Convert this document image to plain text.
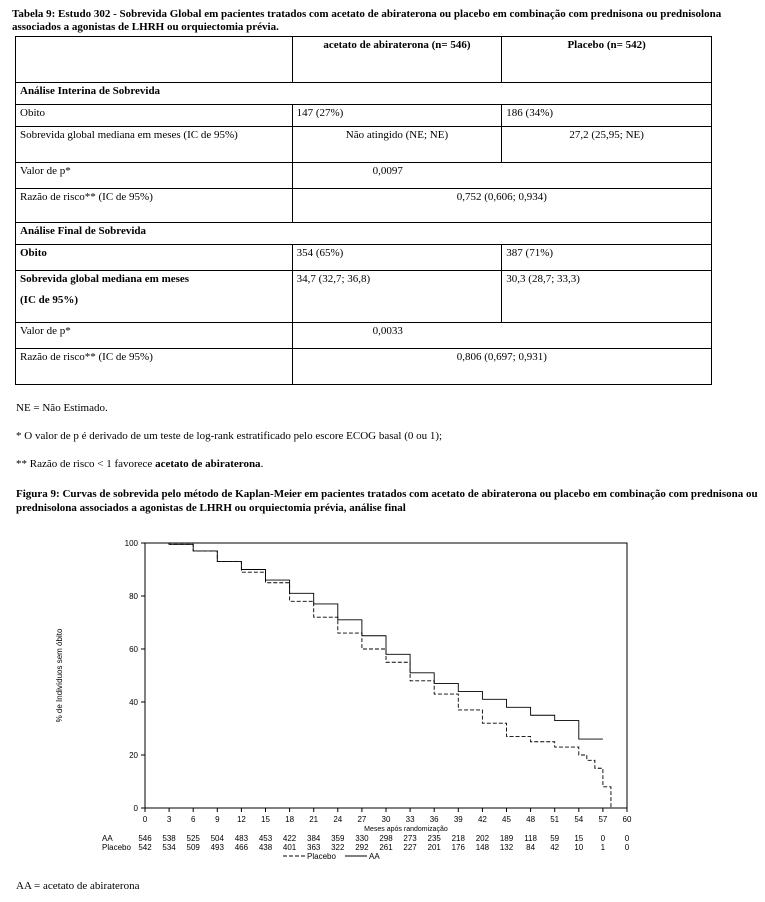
Tabela 9: Estudo 302 - Sobrevida Global em pacientes tratados com acetato de abiraterona ou placebo em combinação com prednisona ou prednisolona associados a agonistas de LHRH ou orquiectomia prévia.
	acetato de abiraterona (n= 546)	Placebo (n= 542)
Análise Interina de Sobrevida		
Obito	147 (27%)	186 (34%)
Sobrevida global mediana em meses (IC de 95%)	Não atingido (NE; NE)	27,2 (25,95; NE)
Valor de p*	0,0097	
Razão de risco** (IC de 95%)	0,752 (0,606; 0,934)	
Análise Final de Sobrevida		
Obito	354 (65%)	387 (71%)

Sobrevida global mediana em meses
(IC de 95%)	34,7 (32,7; 36,8)	30,3 (28,7; 33,3)
Valor de p*	0,0033	
Razão de risco** (IC de 95%)	0,806 (0,697; 0,931)	
NE = Não Estimado.
* O valor de p é derivado de um teste de log-rank estratificado pelo escore ECOG basal (0 ou 1);
** Razão de risco < 1 favorece acetato de abiraterona.
Figura 9: Curvas de sobrevida pelo método de Kaplan-Meier em pacientes tratados com acetato de abiraterona ou placebo em combinação com prednisona ou prednisolona associados a agonistas de LHRH ou orquiectomia prévia, análise final
0
20
40
60
80
100
0 3 6 9 12 15 18 21 24 27 30 33 36 39 42 45 48 51 54 57 60
Meses após randomização
% de Indivíduos sem óbito
AA	546 538 525 504 483 453 422 384 359 330 298 273 235 218 202 189 118 59 15 0 0
Placebo 542 534 509 493 466 438 401 363 322 292 261 227 201 176 148 132 84 42 10 1 0
Placebo	AA
AA = acetato de abiraterona
